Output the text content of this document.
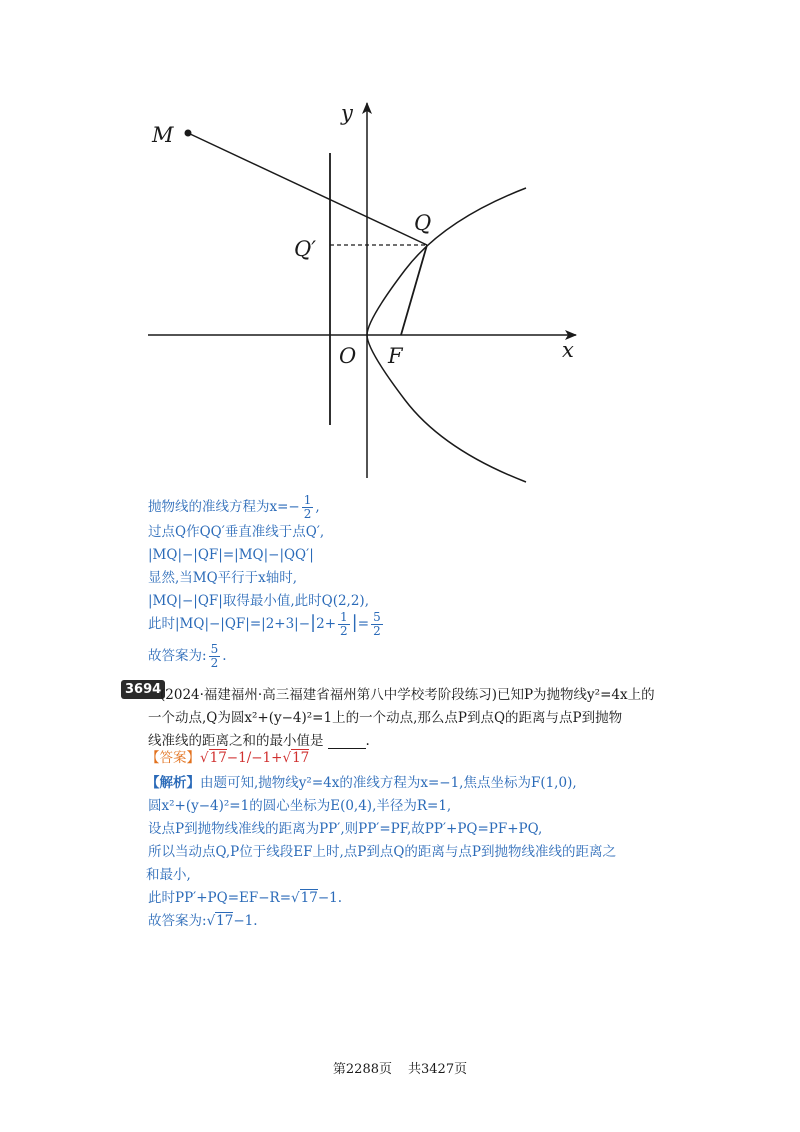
M
Q
Q′
O F	x
y
抛物线的准线方程为$x=- \frac{1}{2}$ ,
过点Q作QQ′垂直准线于点Q′,
|MQ|−|QF|=|MQ|−|QQ′|
显然,当MQ平行于x轴时,
|MQ|−|QF|取得最小值,此时Q(2,2),
此时$|MQ|-|QF|=|2+3|-|2+ \frac{1}{2}$ |= $\frac{5}{2}$
故答案为: $\frac{5}{2}$ .
3694
(2024·福建福州·高三福建省福州第八中学校考阶段练习)已知P为抛物线y²=4x上的
一个动点,Q为圆x²+(y−4)²=1上的一个动点,那么点P到点Q的距离与点P到抛物
线准线的距离之和的最小值是	.
【答案】√17−1/−1+√17
【解析】由题可知,抛物线y²=4x的准线方程为x=−1,焦点坐标为F(1,0),
圆x²+(y−4)²=1的圆心坐标为E(0,4),半径为R=1,
设点P到抛物线准线的距离为PP′,则PP′=PF,故PP′+PQ=PF+PQ,
所以当动点Q,P位于线段EF上时,点P到点Q的距离与点P到抛物线准线的距离之
和最小,
此时PP′+PQ=EF−R=√17−1.
故答案为:√17−1.
第2288页 共3427页
